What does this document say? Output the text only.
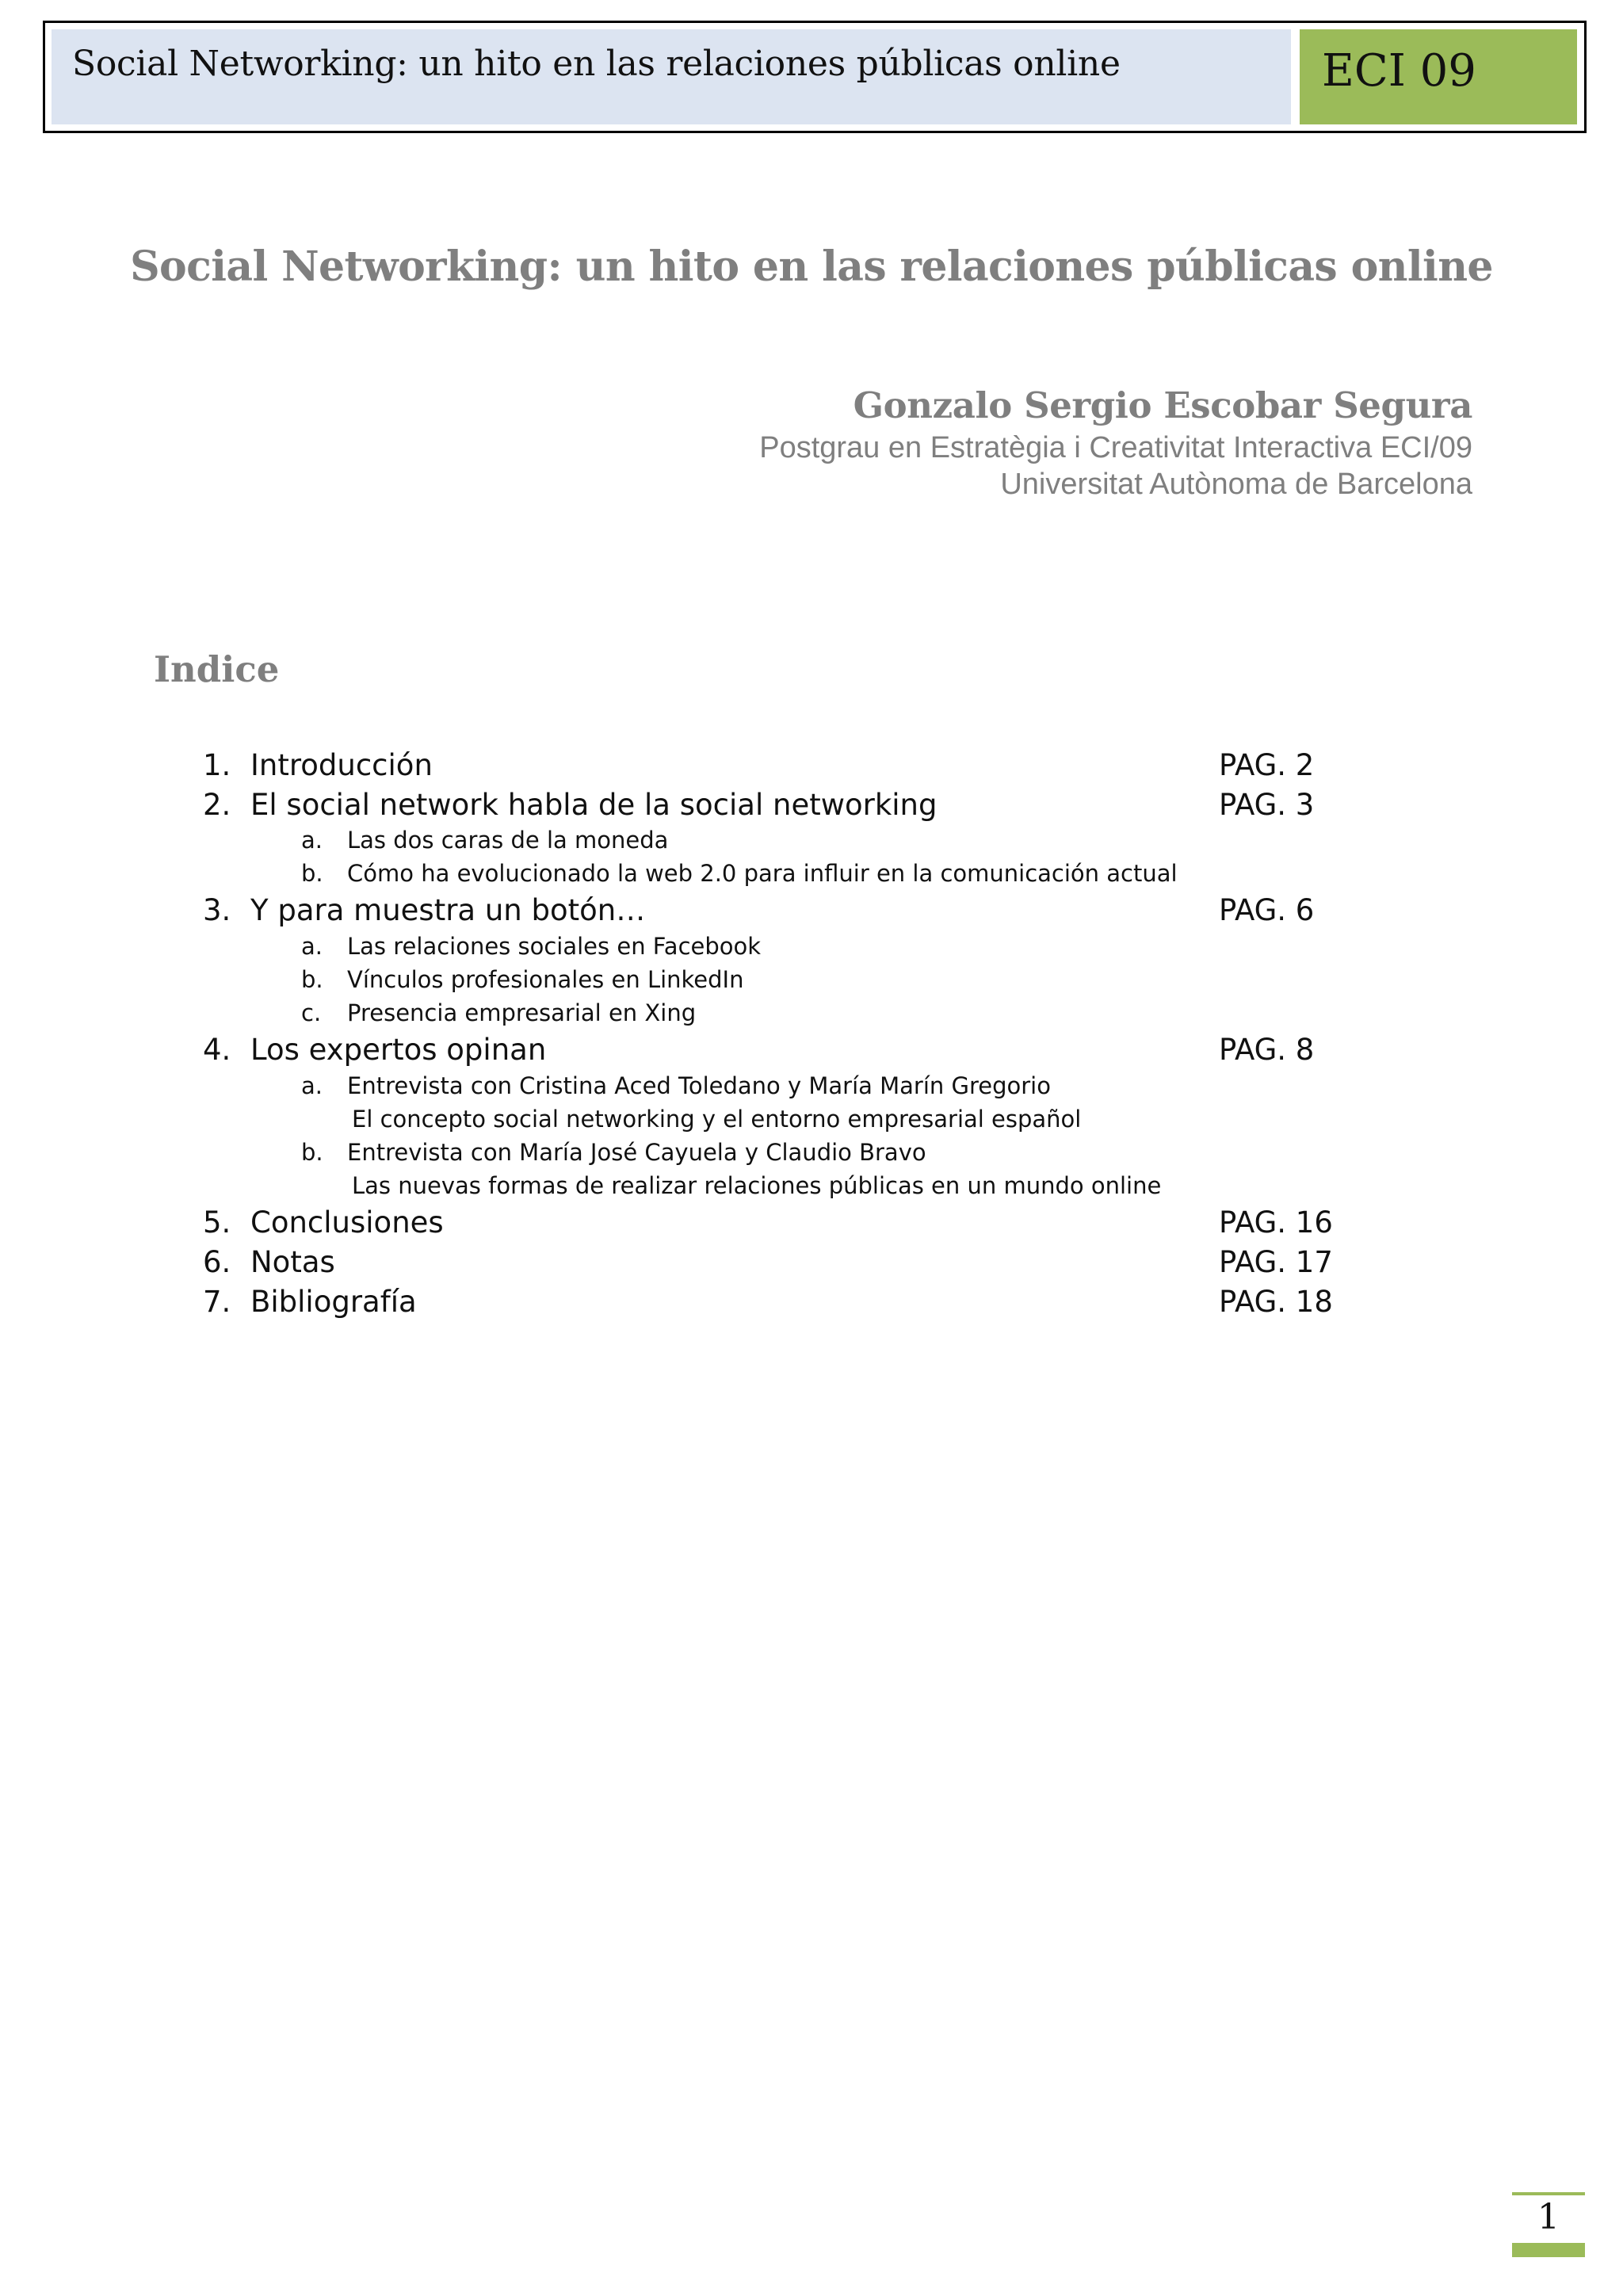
Social Networking: un hito en las relaciones públicas online	ECI 09
Social Networking: un hito en las relaciones públicas online
Gonzalo Sergio Escobar Segura
Postgrau en Estratègia i Creativitat Interactiva ECI/09
Universitat Autònoma de Barcelona
Indice
1. Introducción	PAG. 2
2. El social network habla de la social networking	PAG. 3
a. Las dos caras de la moneda
b. Cómo ha evolucionado la web 2.0 para influir en la comunicación actual
3. Y para muestra un botón…	PAG. 6
a. Las relaciones sociales en Facebook
b. Vínculos profesionales en LinkedIn
c. Presencia empresarial en Xing
4. Los expertos opinan	PAG. 8
a. Entrevista con Cristina Aced Toledano y María Marín Gregorio
El concepto social networking y el entorno empresarial español
b. Entrevista con María José Cayuela y Claudio Bravo
Las nuevas formas de realizar relaciones públicas en un mundo online
5. Conclusiones	PAG. 16
6. Notas	PAG. 17
7. Bibliografía	PAG. 18
1
